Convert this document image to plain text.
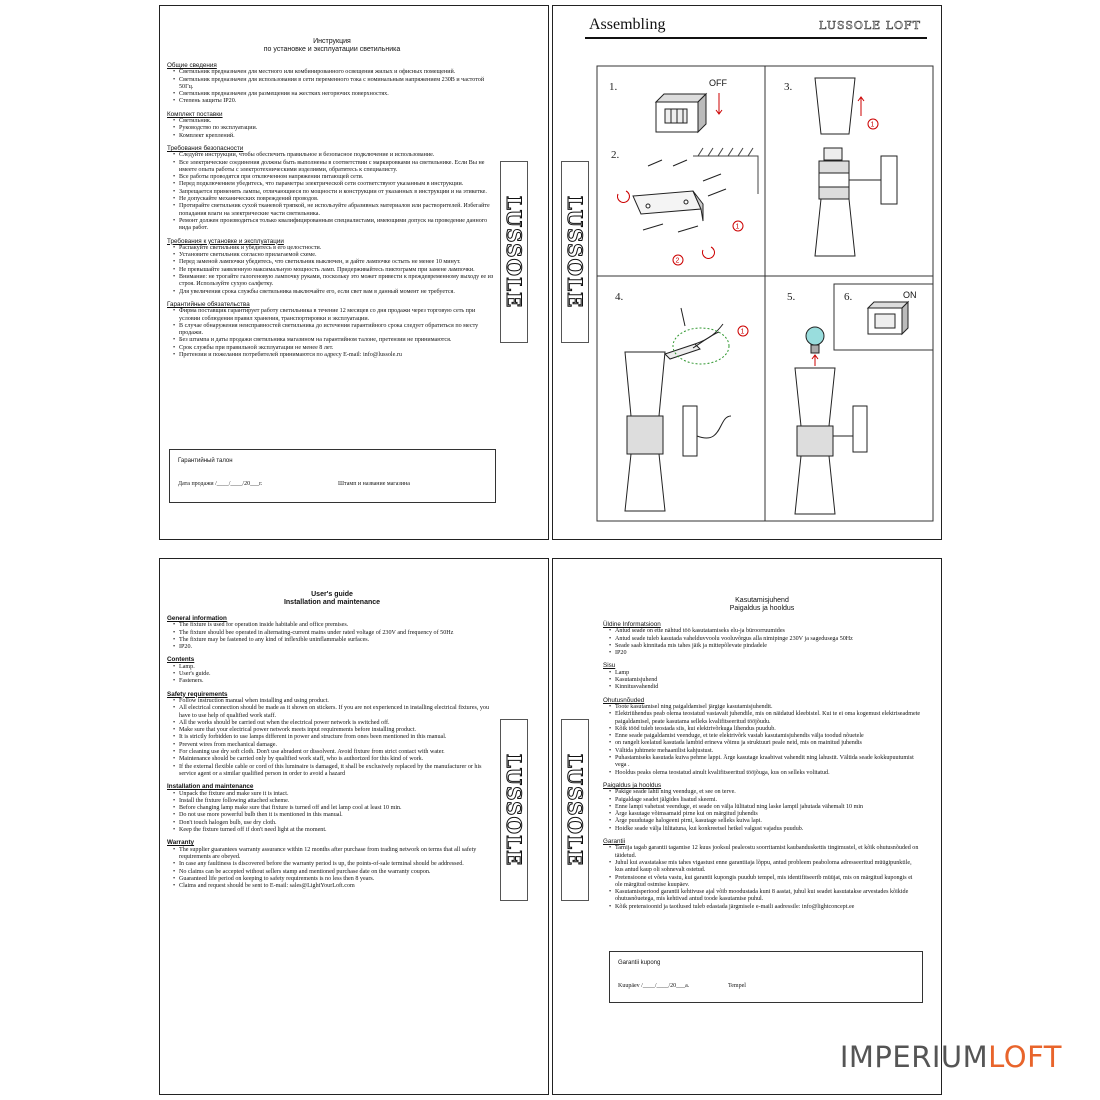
Инструкция
по установке и эксплуатации светильника
Общие сведения
• Светильник предназначен для местного или комбинированного освещения жилых и офисных помещений.
• Светильник предназначен для использования в сети переменного тока с номинальным напряжением 230В и частотой 50Гц.
• Светильник предназначен для размещения на жестких негорючих поверхностях.
• Степень защиты IP20.
Комплект поставки
• Светильник.
• Руководство по эксплуатации.
• Комплект креплений.
Требования безопасности
• Следуйте инструкции, чтобы обеспечить правильное и безопасное подключение и использование.
• Все электрические соединения должны быть выполнены в соответствии с маркировками на светильнике. Если Вы не имеете опыта работы с электротехническими изделиями, обратитесь к специалисту.
• Все работы проводятся при отключенном напряжении питающей сети.
• Перед подключением убедитесь, что параметры электрической сети соответствуют указанным в инструкции.
• Запрещается применять лампы, отличающиеся по мощности и конструкции от указанных в инструкции и на этикетке.
• Не допускайте механических повреждений проводов.
• Протирайте светильник сухой тканевой тряпкой, не используйте абразивных материалов или растворителей. Избегайте попадания влаги на электрические части светильника.
• Ремонт должен производиться только квалифицированным специалистами, имеющими допуск на проведение данного вида работ.
Требования к установке и эксплуатации
• Распакуйте светильник и убедитесь в его целостности.
• Установите светильник согласно прилагаемой схеме.
• Перед заменой лампочки убедитесь, что светильник выключен, и дайте лампочке остыть не менее 10 минут.
• Не превышайте заявленную максимальную мощность ламп. Придерживайтесь пиктограмм при замене лампочки.
• Внимание: не трогайте галогеновую лампочку руками, поскольку это может привести к преждевременному выходу ее из строя. Используйте сухую салфетку.
• Для увеличения срока службы светильника выключайте его, если свет вам в данный момент не требуется.
Гарантийные обязательства
• Фирма поставщик гарантирует работу светильника в течение 12 месяцев со дня продажи через торговую сеть при условии соблюдения правил хранения, транспортировки и эксплуатации.
• В случае обнаружения неисправностей светильника до истечения гарантийного срока следует обратиться по месту продажи.
• Без штампа и даты продажи светильника магазином на гарантийном талоне, претензии не принимаются.
• Срок службы при правильной эксплуатации не менее 8 лет.
• Претензии и пожелания потребителей принимаются по адресу E-mail: info@lussole.ru
LUSSOLE
Гарантийный талон
Дата продажи /____/____/20___г.	Штамп и название магазина
LUSSOLE
Assembling	LUSSOLE LOFT
1.
2.
3.
4.	5.	6.
OFF
1
2
1
1
ON
User's guide
Installation and maintenance
General information
• The fixture is used for operation inside habitable and office premises.
• The fixture should bee operated in alternating-current mains under rated voltage of 230V and frequency of 50Hz
• The fixture may be fastened to any kind of inflexible uninflammable surfaces.
• IP20.
Contents
• Lamp.
• User's guide.
• Fasteners.
Safety requirements
• Follow instruction manual when installing and using product.
• All electrical connection should be made as it shown on stickers. If you are not experienced in installing electrical fixtures, you have to use help of qualified work staff.
• All the works should be carried out when the electrical power network is switched off.
• Make sure that your electrical power network meets input requirements before installing product.
• It is strictly forbidden to use lamps different in power and structure from ones been mentioned in this manual.
• Prevent wires from mechanical damage.
• For cleaning use dry soft cloth. Don't use abradent or dissolvent. Avoid fixture from strict contact with water.
• Maintenance should be carried only by qualified work staff, who is authorized for this kind of work.
• If the external flexible cable or cord of this luminaire is damaged, it shall be exclusively replaced by the manufacturer or his service agent or a similar qualified person in order to avoid a hazard
Installation and maintenance
• Unpack the fixture and make sure it is intact.
• Install the fixture following attached scheme.
• Before changing lamp make sure that fixture is turned off and let lamp cool at least 10 min.
• Do not use more powerful bulb then it is mentioned in this manual.
• Don't touch halogen bulb, use dry cloth.
• Keep the fixture turned off if don't need light at the moment.
Warranty
• The supplier guarantees warranty assurance within 12 months after purchase from trading network on terms that all safety requirements are obeyed.
• In case any faultiness is discovered before the warranty period is up, the points-of-sale terminal should be addressed.
• No claims can be accepted without sellers stamp and mentioned purchase date on the warranty coupon.
• Guaranteed life period on keeping to safety requirements is no less then 8 years.
• Claims and request should be sent to E-mail: sales@LightYourLoft.com
LUSSOLE LUSSOLE
Kasutamisjuhend
Paigaldus ja hooldus
Üldine Informatsioon
• Antud seade on ette nähtud töö kasutatamiseks elu-ja büroorruumides
• Antud seade tuleb kasutada vahelduvvoolu vooluvõrgus alla nimipinge 230V ja sagedusega 50Hz
• Seade saab kinnitada mis tahes jäik ja mittepõlevate pindadele
• IP20
Sisu
• Lamp
• Kasutamisjuhend
• Kinnitusvahendid
Ohutusnõuded
• Toote kasutamisel ning paigaldamisel järgige kasutamisjuhendit.
• Elektriühendus peab olema teostatud vastavalt juhendile, mis on näidatud kleebistel. Kui te ei oma kogemust elektriseadmete paigaldamisel, peate kasutama selleks kvalifitseeritud tööjõudu.
• Kõik tööd tuleb teostada siis, kui elektrivõrkuga lihendus puudub.
• Enne seade paigaldamist veenduge, et teie elektrivõrk vastab kasutamisjuhendis välja toodud nõuetele
• on rangelt keelatud kasutada lambid erineva võimu ja struktuuri peale neid, mis on mainitud juhendis
• Vältida juhtmete mehaanilist kahjustust.
• Puhastamiseks kasutada kuiva pehme lappi. Ärge kasutage kraabivat vahendit ning lahustit. Vältida seade kokkupuutumist vega .
• Hooldus peaks olema teostatud ainult kvalifitseeritud tööjõuga, kus on selleks volitatud.
Paigaldus ja hooldus
• Pakige seade lahti ning veenduge, et see on terve.
• Paigaldage seadet jälgides lisatud skeemi.
• Enne lampi vahetust veenduge, et seade on välja lülitatud ning laske lampil jahutada vähemalt 10 min
• Ärge kasutage võimsamaid pirne kui on märgitud juhendis
• Ärge puudutage halogeeni pirni, kasutage selleks kuiva lapi.
• Hoidke seade välja lülitatuna, kui konkreetsel hetkel valgust vajadus puudub.
Garantii
• Tarnija tagab garantii tagamise 12 kuus jooksul pealeostu soorritamist kaubanduskettis tingimustel, et kõik ohutusnõuded on täidetud.
• Juhul kui avastatakse mis tahes vigastust enne garantiiaja lõppu, antud probleem peaboloma adresseeritud müügipunktile, kus antud kaup oli sohnevalt ostetud.
• Pretensioone ei võeta vastu, kui garantii kupongis puudub tempel, mis identifitseerib müüjat, mis on märgitud kupongis ei ole märgitud ostmise kuupäev.
• Kasutamisperiood garantii kehtivuse ajal võib moodustada kuni 8 aastat, juhul kui seadet kasutatakse arvestades kõikide ohutusnõuetega, mis kehtivad antud toode kasutamise puhul.
• Kõik pretensioonid ja taotlused tuleb edastada järgmisele e-maili aadressile: info@lightconcept.ee
Garantii kupong
Kuupäev /____/____/20___a.	Tempel
IMPERIUMLOFT
